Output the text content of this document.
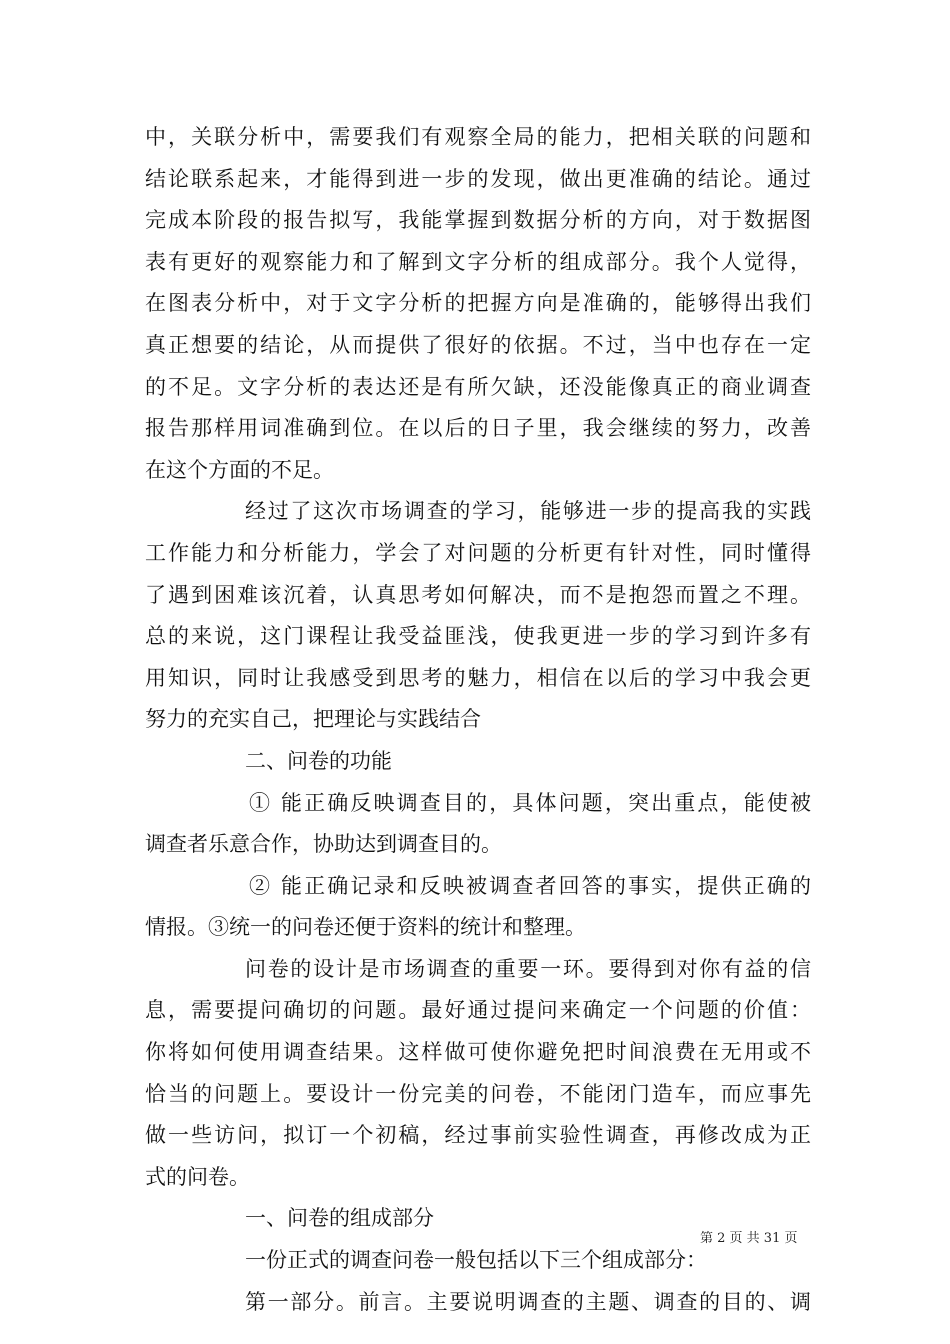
中，关联分析中，需要我们有观察全局的能力，把相关联的问题和
结论联系起来，才能得到进一步的发现，做出更准确的结论。通过
完成本阶段的报告拟写，我能掌握到数据分析的方向，对于数据图
表有更好的观察能力和了解到文字分析的组成部分。我个人觉得，
在图表分析中，对于文字分析的把握方向是准确的，能够得出我们
真正想要的结论，从而提供了很好的依据。不过，当中也存在一定
的不足。文字分析的表达还是有所欠缺，还没能像真正的商业调查
报告那样用词准确到位。在以后的日子里，我会继续的努力，改善
在这个方面的不足。
经过了这次市场调查的学习，能够进一步的提高我的实践
工作能力和分析能力，学会了对问题的分析更有针对性，同时懂得
了遇到困难该沉着，认真思考如何解决，而不是抱怨而置之不理。
总的来说，这门课程让我受益匪浅，使我更进一步的学习到许多有
用知识，同时让我感受到思考的魅力，相信在以后的学习中我会更
努力的充实自己，把理论与实践结合
二、问卷的功能
① 能正确反映调查目的，具体问题，突出重点，能使被
调查者乐意合作，协助达到调查目的。
② 能正确记录和反映被调查者回答的事实，提供正确的
情报。③统一的问卷还便于资料的统计和整理。
问卷的设计是市场调查的重要一环。要得到对你有益的信
息，需要提问确切的问题。最好通过提问来确定一个问题的价值：
你将如何使用调查结果。这样做可使你避免把时间浪费在无用或不
恰当的问题上。要设计一份完美的问卷，不能闭门造车，而应事先
做一些访问，拟订一个初稿，经过事前实验性调查，再修改成为正
式的问卷。
一、问卷的组成部分
一份正式的调查问卷一般包括以下三个组成部分：
第一部分。前言。主要说明调查的主题、调查的目的、调
第 2 页 共 31 页
